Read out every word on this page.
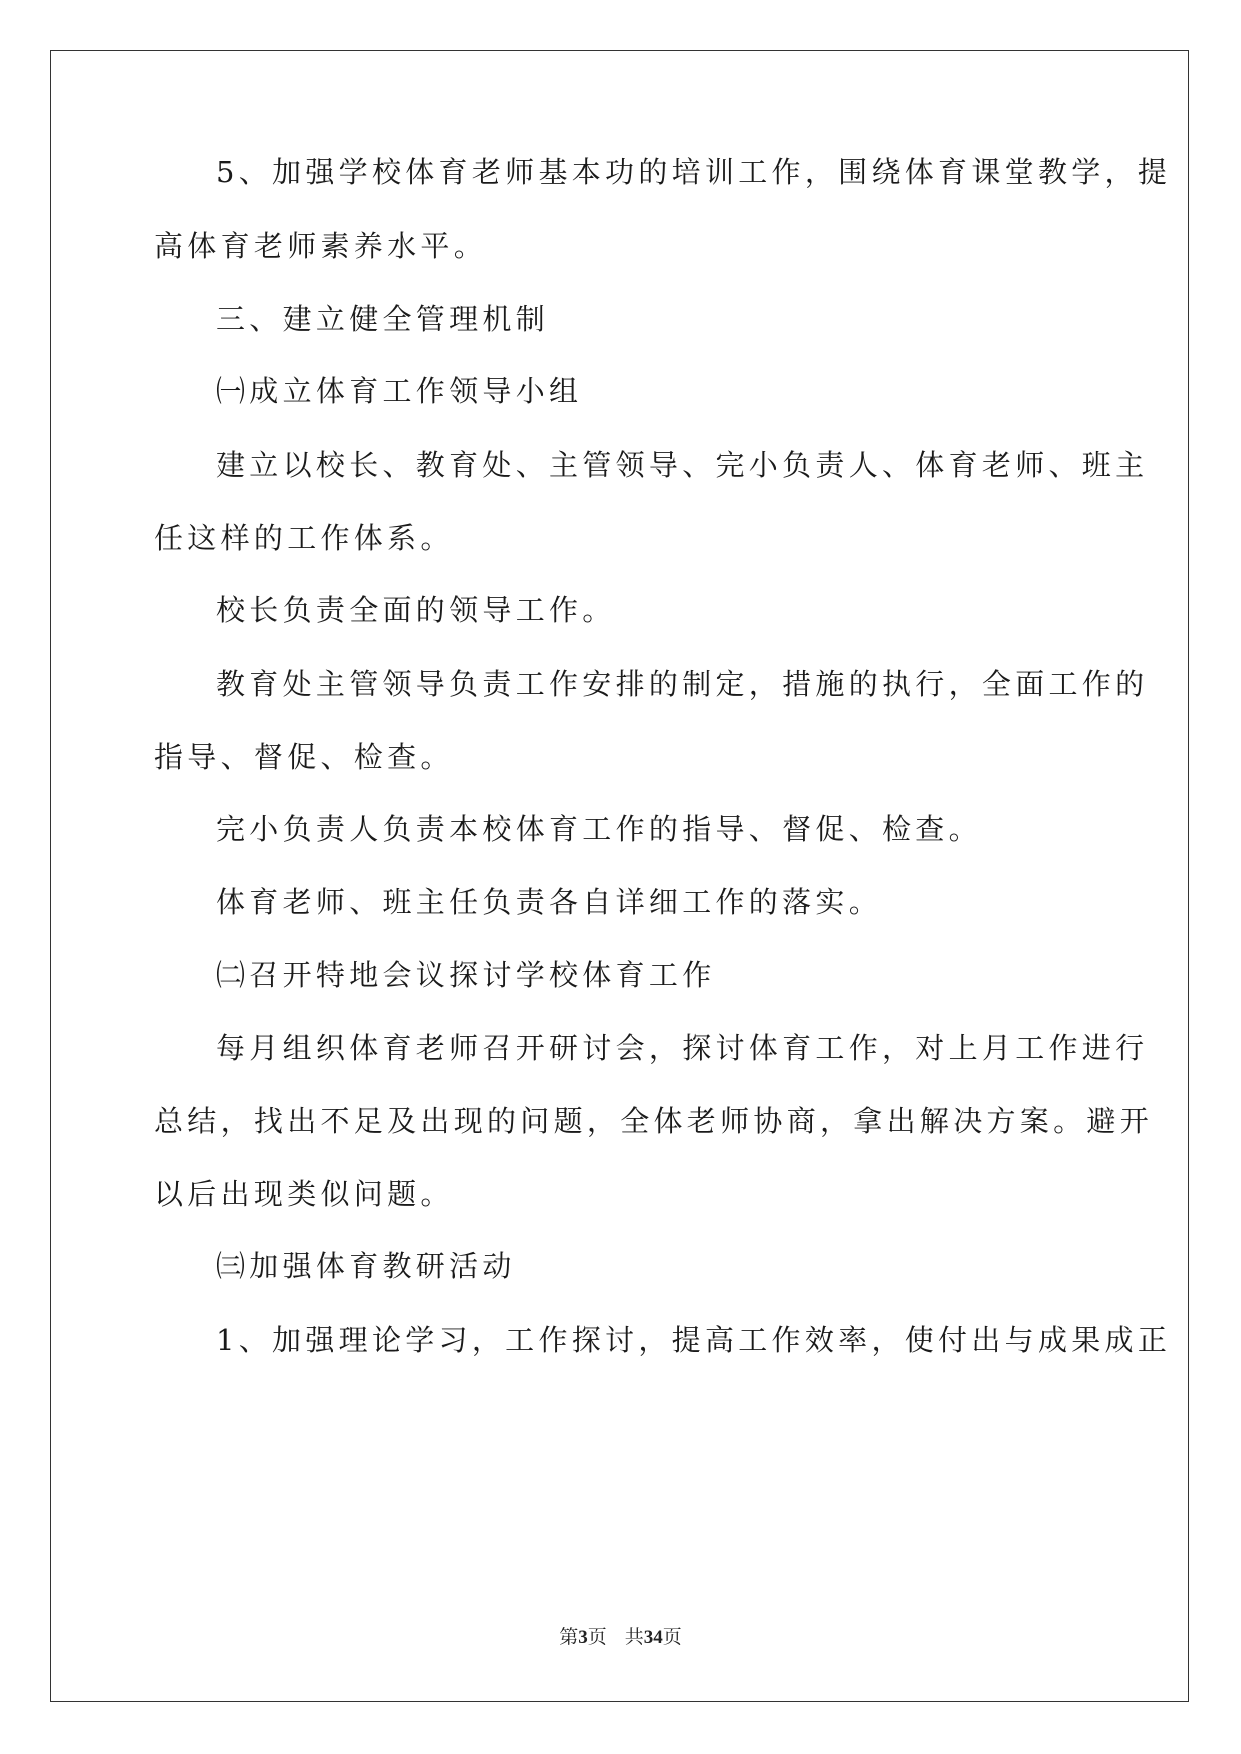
5、加强学校体育老师基本功的培训工作，围绕体育课堂教学，提
高体育老师素养水平。
三、建立健全管理机制
㈠成立体育工作领导小组
建立以校长、教育处、主管领导、完小负责人、体育老师、班主
任这样的工作体系。
校长负责全面的领导工作。
教育处主管领导负责工作安排的制定，措施的执行，全面工作的
指导、督促、检查。
完小负责人负责本校体育工作的指导、督促、检查。
体育老师、班主任负责各自详细工作的落实。
㈡召开特地会议探讨学校体育工作
每月组织体育老师召开研讨会，探讨体育工作，对上月工作进行
总结，找出不足及出现的问题，全体老师协商，拿出解决方案。避开
以后出现类似问题。
㈢加强体育教研活动
1、加强理论学习，工作探讨，提高工作效率，使付出与成果成正
第3页 共34页
